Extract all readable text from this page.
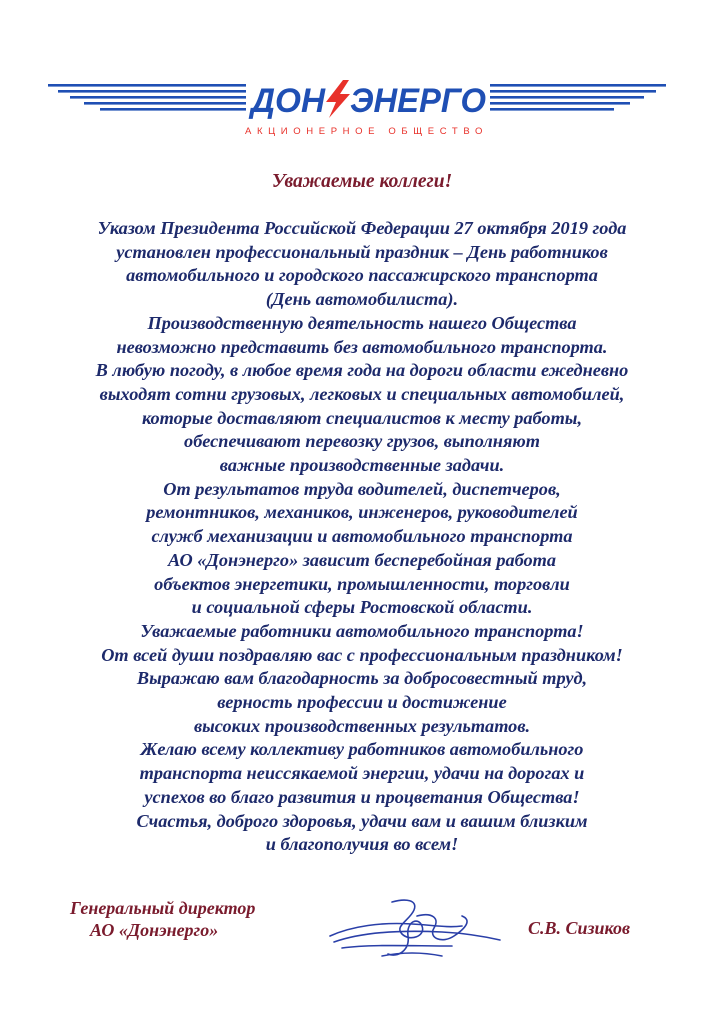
ДОН ЭНЕРГО
АКЦИОНЕРНОЕ ОБЩЕСТВО
Уважаемые коллеги!
Указом Президента Российской Федерации 27 октября 2019 года
установлен профессиональный праздник – День работников
автомобильного и городского пассажирского транспорта
(День автомобилиста).
Производственную деятельность нашего Общества
невозможно представить без автомобильного транспорта.
В любую погоду, в любое время года на дороги области ежедневно
выходят сотни грузовых, легковых и специальных автомобилей,
которые доставляют специалистов к месту работы,
обеспечивают перевозку грузов, выполняют
важные производственные задачи.
От результатов труда водителей, диспетчеров,
ремонтников, механиков, инженеров, руководителей
служб механизации и автомобильного транспорта
АО «Донэнерго» зависит бесперебойная работа
объектов энергетики, промышленности, торговли
и социальной сферы Ростовской области.
Уважаемые работники автомобильного транспорта!
От всей души поздравляю вас с профессиональным праздником!
Выражаю вам благодарность за добросовестный труд,
верность профессии и достижение
высоких производственных результатов.
Желаю всему коллективу работников автомобильного
транспорта неиссякаемой энергии, удачи на дорогах и
успехов во благо развития и процветания Общества!
Счастья, доброго здоровья, удачи вам и вашим близким
и благополучия во всем!
Генеральный директор
АО «Донэнерго»	С.В. Сизиков
